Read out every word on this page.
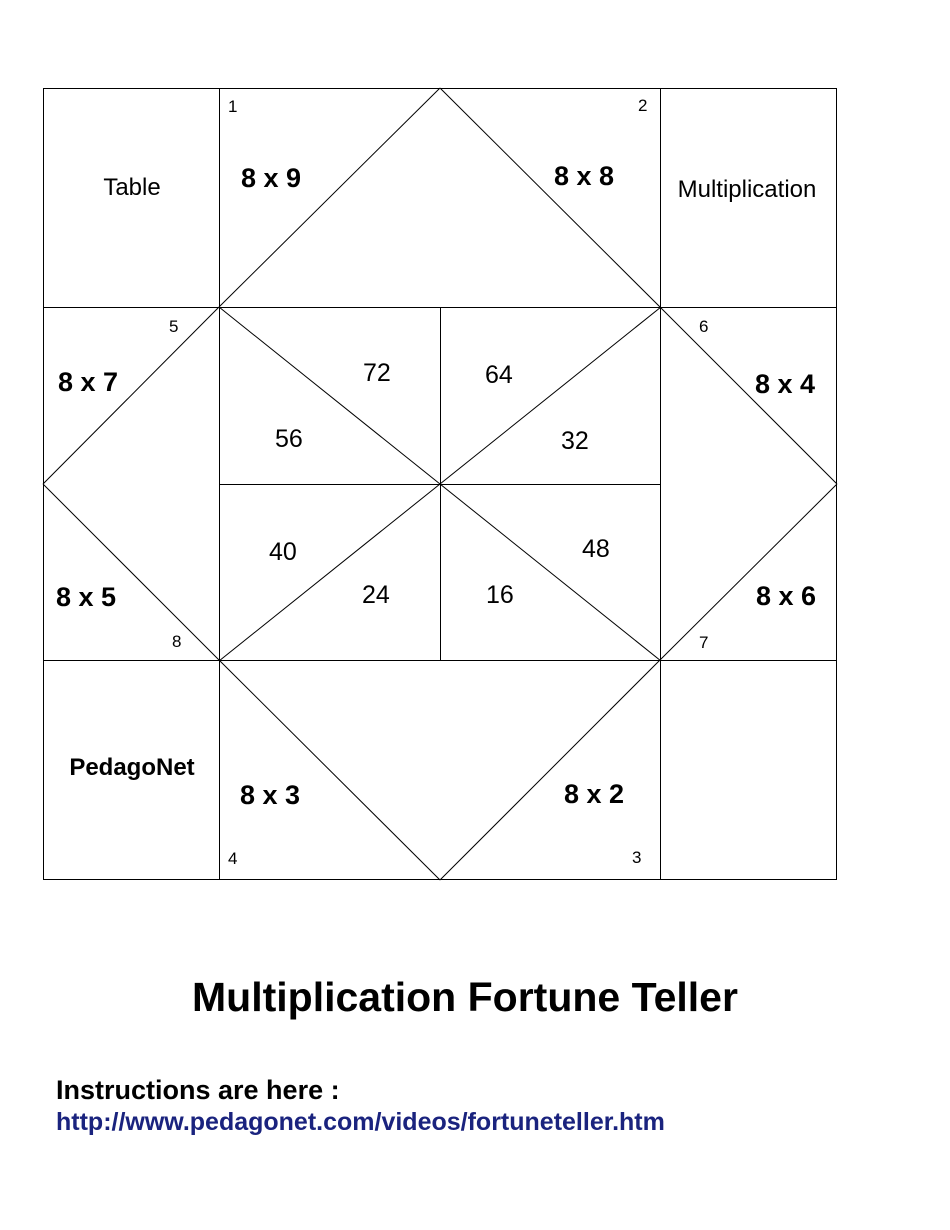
Table	Multiplication
PedagoNet
1	2
3
4
5	6
7
8
8 x 9	8 x 8
8 x 7	8 x 4
8 x 5	8 x 6
8 x 3	8 x 2
72
56
64
32
40
24
48
16
Multiplication Fortune Teller
Instructions are here :
http://www.pedagonet.com/videos/fortuneteller.htm
